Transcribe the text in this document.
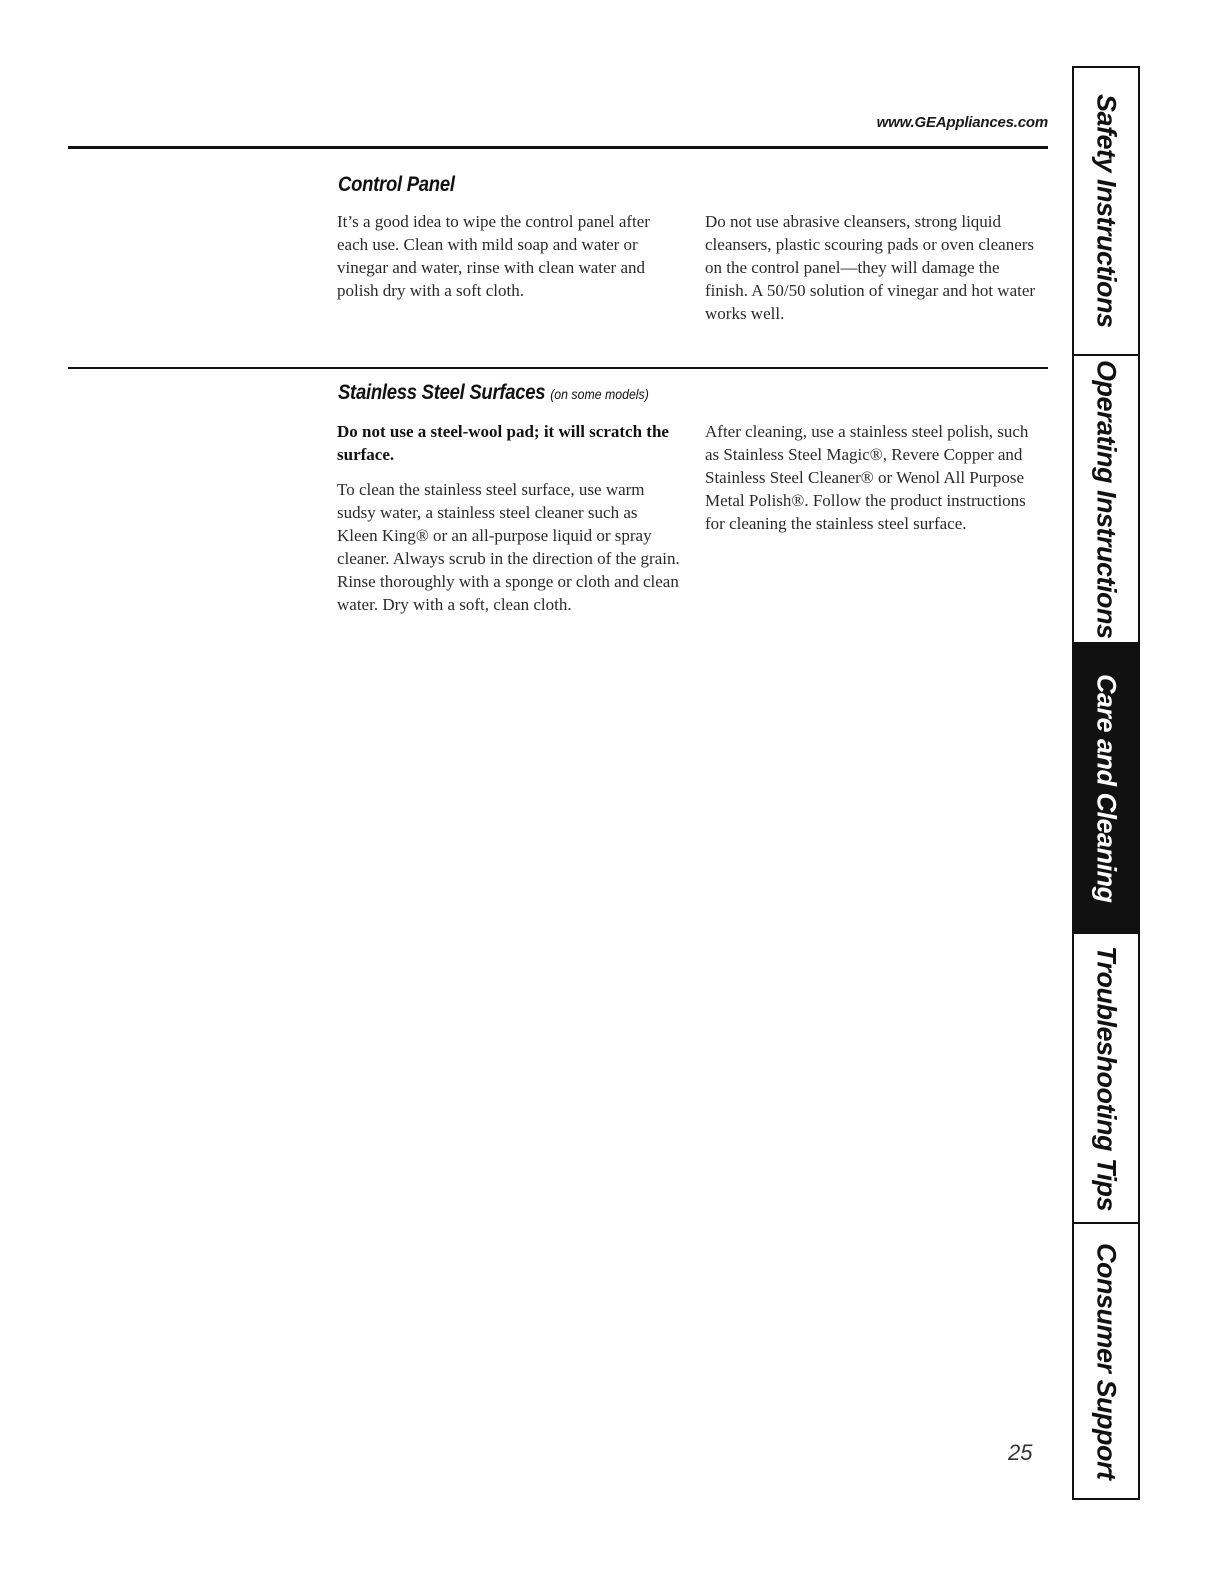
www.GEAppliances.com
Control Panel

It’s a good idea to wipe the control panel after each use. Clean with mild soap and water or vinegar and water, rinse with clean water and polish dry with a soft cloth.

Do not use abrasive cleansers, strong liquid cleansers, plastic scouring pads or oven cleaners on the control panel—they will damage the finish. A 50/50 solution of vinegar and hot water works well.

Stainless Steel Surfaces (on some models)

Do not use a steel-wool pad; it will scratch the surface.

To clean the stainless steel surface, use warm sudsy water, a stainless steel cleaner such as Kleen King® or an all-purpose liquid or spray cleaner. Always scrub in the direction of the grain. Rinse thoroughly with a sponge or cloth and clean water. Dry with a soft, clean cloth.

After cleaning, use a stainless steel polish, such as Stainless Steel Magic®, Revere Copper and Stainless Steel Cleaner® or Wenol All Purpose Metal Polish®. Follow the product instructions for cleaning the stainless steel surface.

25
Safety Instructions
Operating Instructions
Care and Cleaning
Troubleshooting Tips
Consumer Support
